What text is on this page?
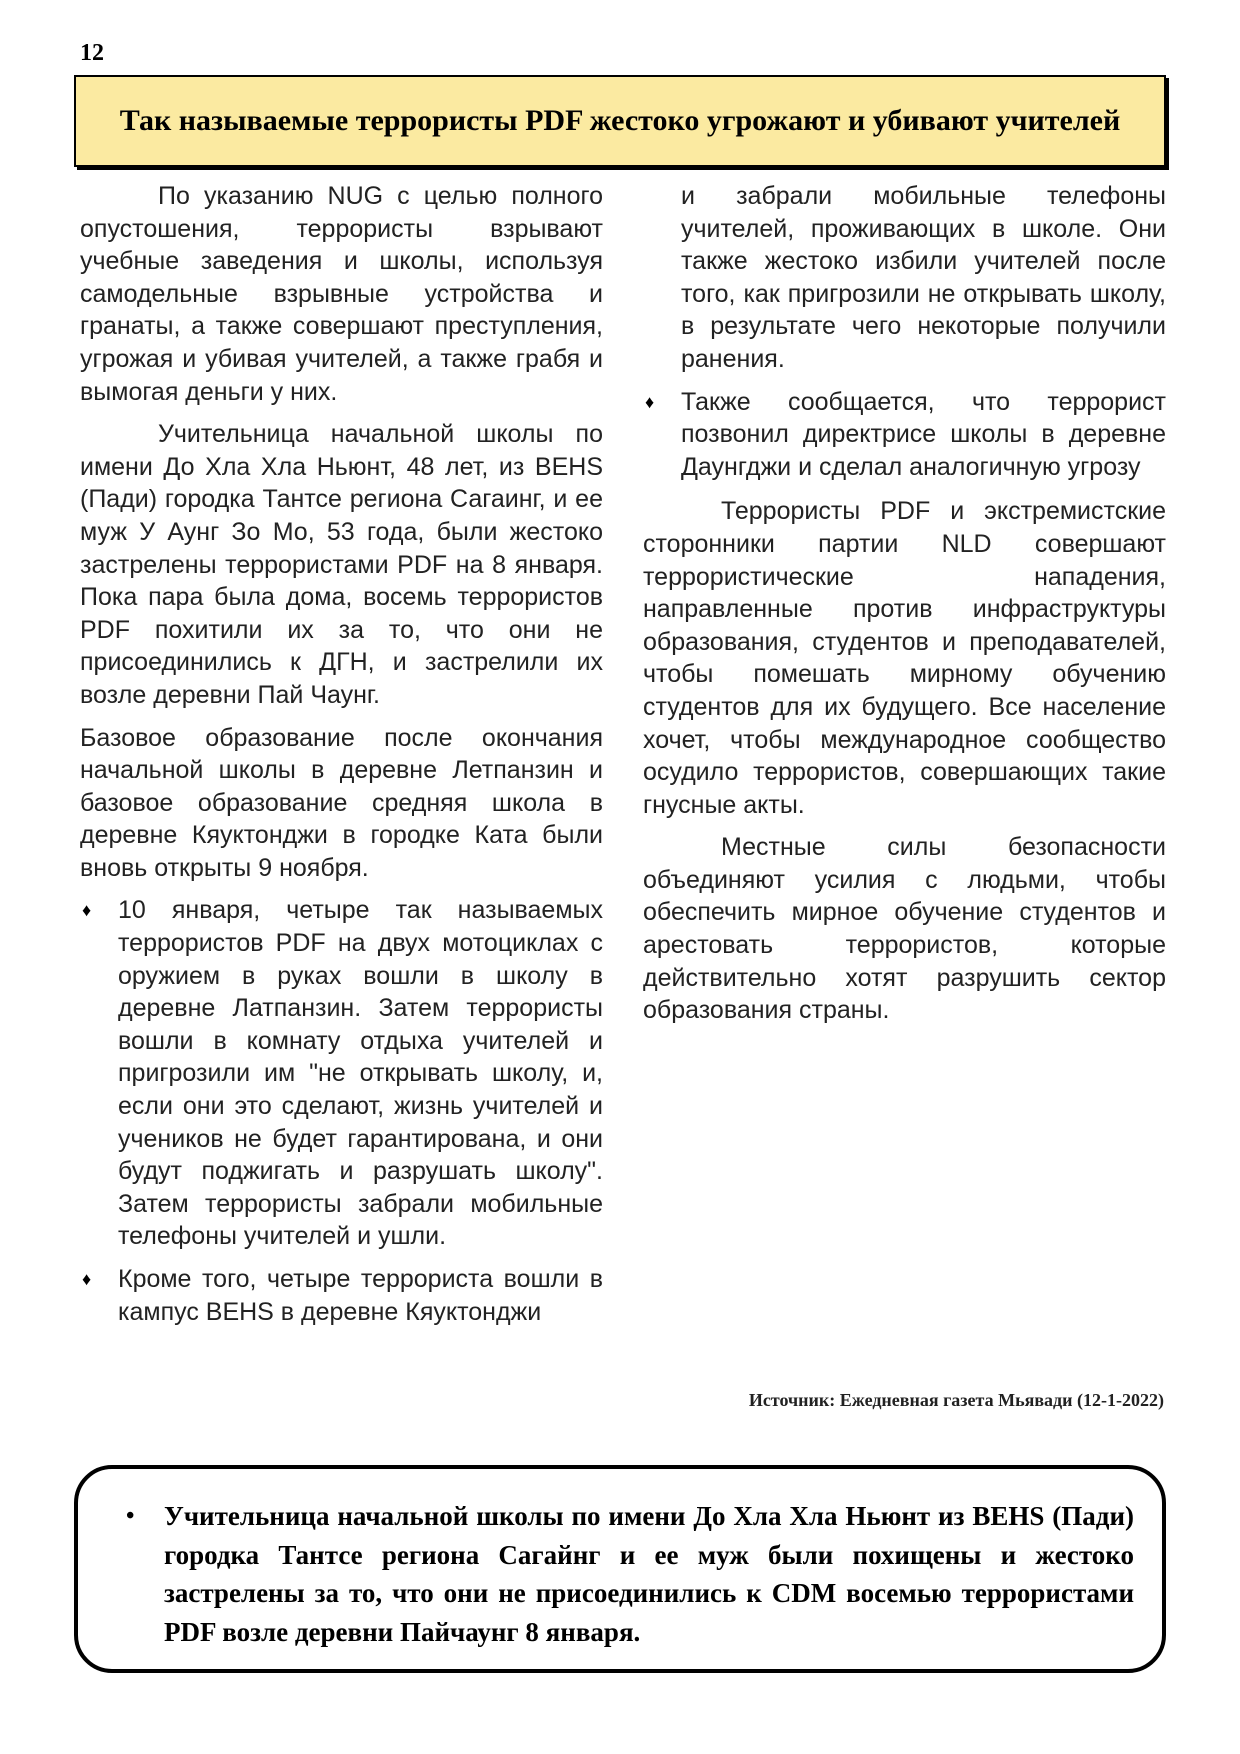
12
Так называемые террористы PDF жестоко угрожают и убивают учителей

По указанию NUG с целью полного опустошения, террористы взрывают учебные заведения и школы, используя самодельные взрывные устройства и гранаты, а также совершают преступления, угрожая и убивая учителей, а также грабя и вымогая деньги у них.

Учительница начальной школы по имени До Хла Хла Ньюнт, 48 лет, из BEHS (Пади) городка Тантсе региона Сагаинг, и ее муж У Аунг Зо Мо, 53 года, были жестоко застрелены террористами PDF на 8 января. Пока пара была дома, восемь террористов PDF похитили их за то, что они не присоединились к ДГН, и застрелили их возле деревни Пай Чаунг.

Базовое образование после окончания начальной школы в деревне Летпанзин и базовое образование средняя школа в деревне Кяуктонджи в городке Ката были вновь открыты 9 ноября.

♦ 10 января, четыре так называемых террористов PDF на двух мотоциклах с оружием в руках вошли в школу в деревне Латпанзин. Затем террористы вошли в комнату отдыха учителей и пригрозили им "не открывать школу, и, если они это сделают, жизнь учителей и учеников не будет гарантирована, и они будут поджигать и разрушать школу". Затем террористы забрали мобильные телефоны учителей и ушли.
♦ Кроме того, четыре террориста вошли в кампус BEHS в деревне Кяуктонджи
и забрали мобильные телефоны учителей, проживающих в школе. Они также жестоко избили учителей после того, как пригрозили не открывать школу, в результате чего некоторые получили ранения.
♦ Также сообщается, что террорист позвонил директрисе школы в деревне Даунгджи и сделал аналогичную угрозу

Террористы PDF и экстремистские сторонники партии NLD совершают террористические нападения, направленные против инфраструктуры образования, студентов и преподавателей, чтобы помешать мирному обучению студентов для их будущего. Все население хочет, чтобы международное сообщество осудило террористов, совершающих такие гнусные акты.

Местные силы безопасности объединяют усилия с людьми, чтобы обеспечить мирное обучение студентов и арестовать террористов, которые действительно хотят разрушить сектор образования страны.

Источник: Ежедневная газета Мьявади (12-1-2022)
• Учительница начальной школы по имени До Хла Хла Ньюнт из BEHS (Пади) городка Тантсе региона Сагайнг и ее муж были похищены и жестоко застрелены за то, что они не присоединились к CDM восемью террористами PDF возле деревни Пайчаунг 8 января.
